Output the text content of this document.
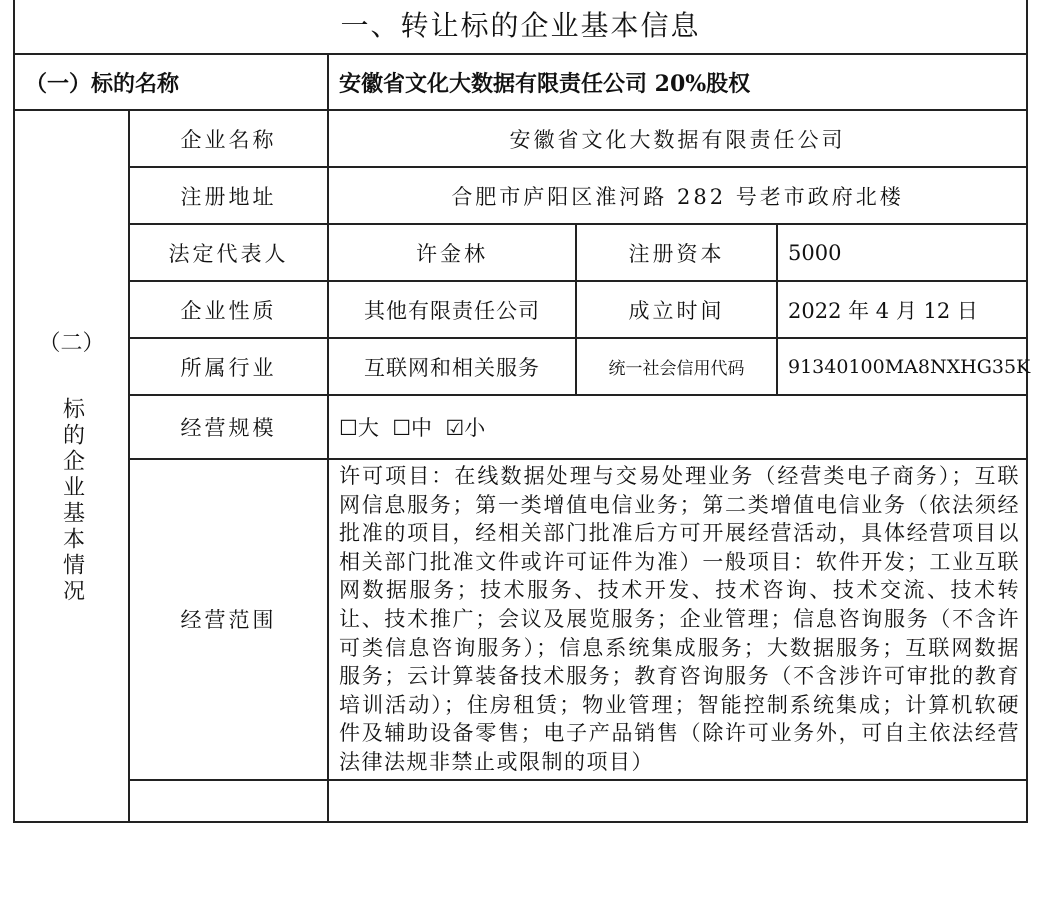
一、转让标的企业基本信息				
（一）标的名称		安徽省文化大数据有限责任公司 20%股权		

（二）
标的企业基本情况	企业名称	安徽省文化大数据有限责任公司		
	注册地址	合肥市庐阳区淮河路 282 号老市政府北楼		
	法定代表人	许金林	注册资本	5000
	企业性质	其他有限责任公司	成立时间	2022 年 4 月 12 日
	所属行业	互联网和相关服务	统一社会信用代码	91340100MA8NXHG35K
	经营规模	☐大 ☐中 ☑小		
	经营范围	许可项目：在线数据处理与交易处理业务（经营类电子商务）；互联网信息服务；第一类增值电信业务；第二类增值电信业务（依法须经批准的项目，经相关部门批准后方可开展经营活动，具体经营项目以相关部门批准文件或许可证件为准）一般项目：软件开发；工业互联网数据服务；技术服务、技术开发、技术咨询、技术交流、技术转让、技术推广；会议及展览服务；企业管理；信息咨询服务（不含许可类信息咨询服务）；信息系统集成服务；大数据服务；互联网数据服务；云计算装备技术服务；教育咨询服务（不含涉许可审批的教育培训活动）；住房租赁；物业管理；智能控制系统集成；计算机软硬件及辅助设备零售；电子产品销售（除许可业务外，可自主依法经营法律法规非禁止或限制的项目）		
